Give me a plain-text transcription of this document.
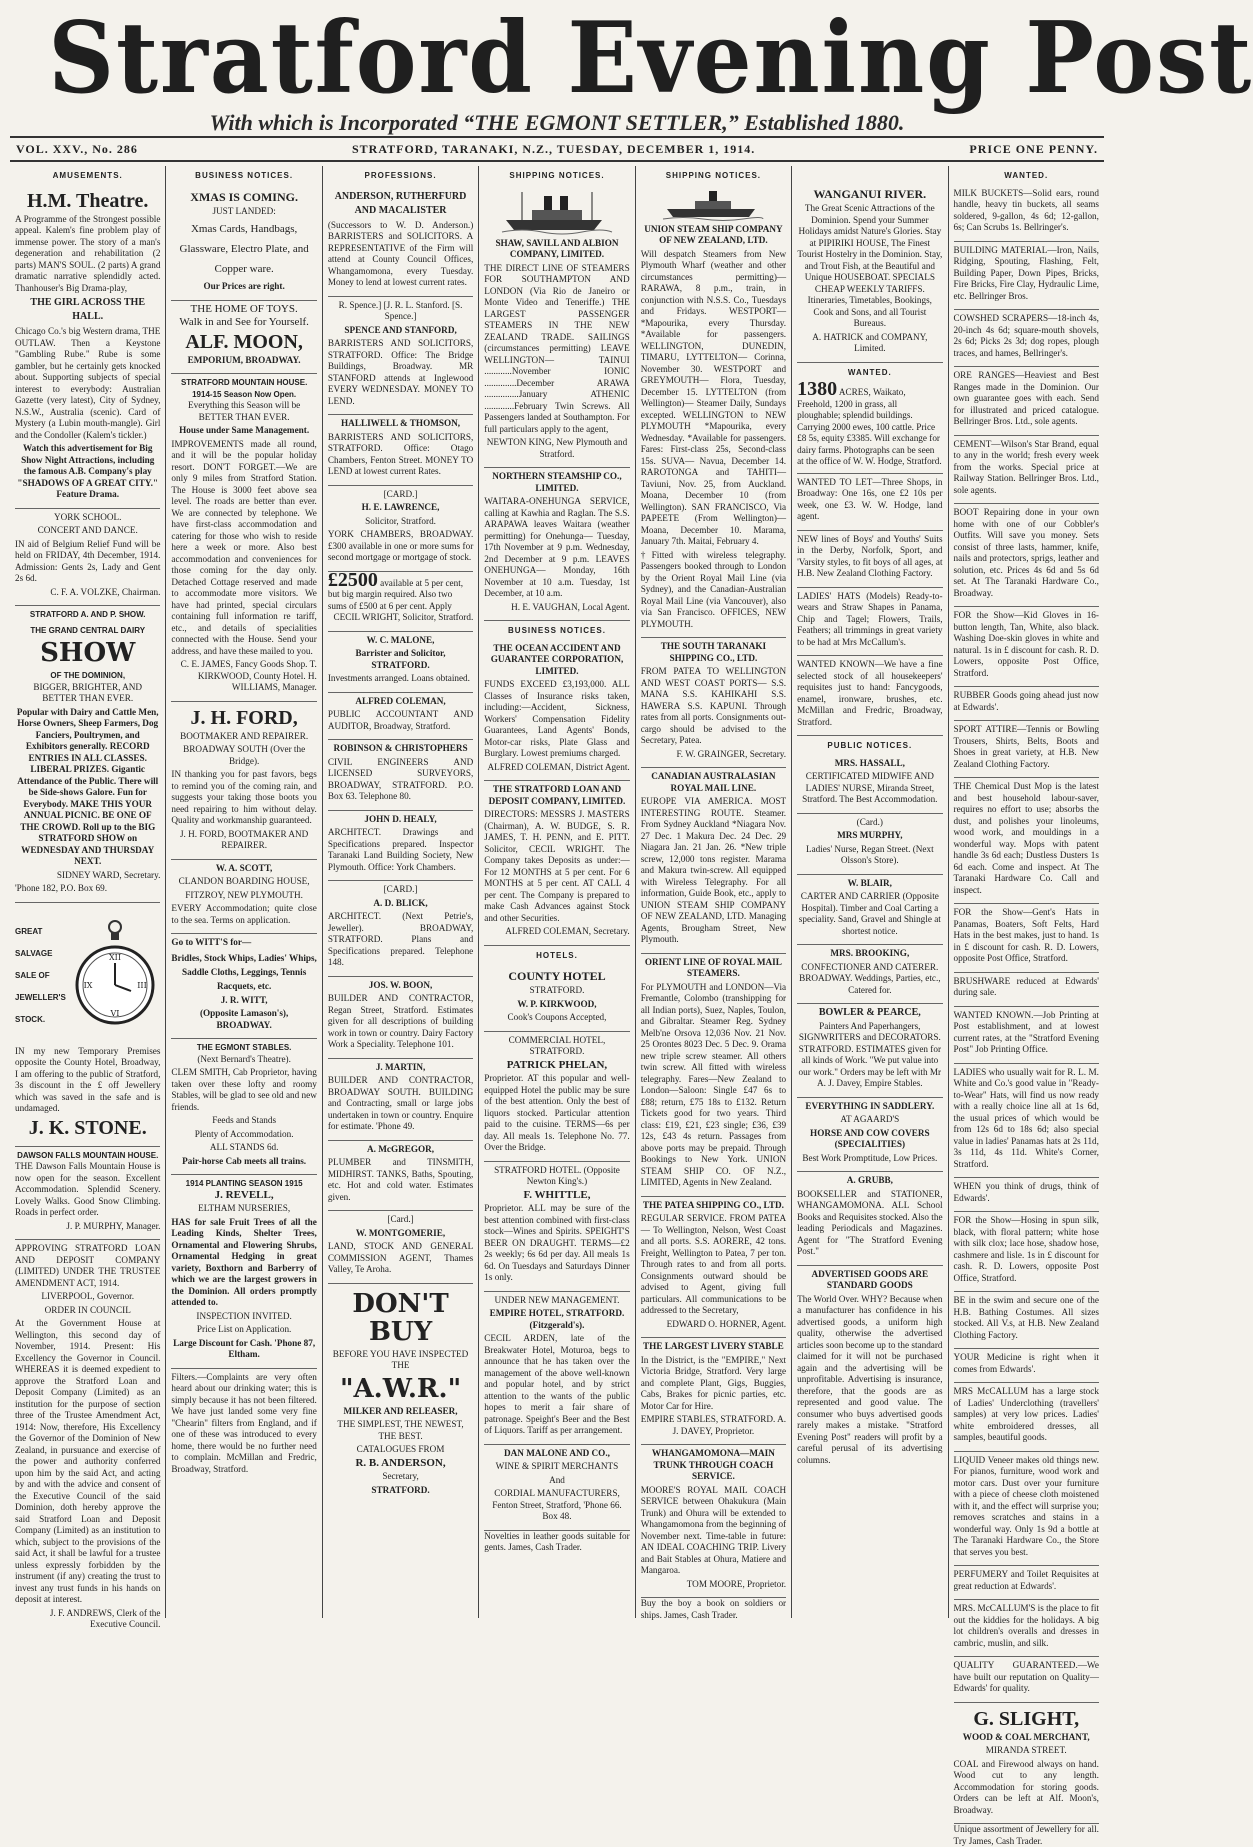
Stratford Evening Post
With which is Incorporated “THE EGMONT SETTLER,” Established 1880.
VOL. XXV., No. 286	STRATFORD, TARANAKI, N.Z., TUESDAY, DECEMBER 1, 1914.	PRICE ONE PENNY.
AMUSEMENTS.
H.M. Theatre.

A Programme of the Strongest possible appeal. Kalem's fine problem play of immense power. The story of a man's degeneration and rehabilitation (2 parts) MAN'S SOUL. (2 parts) A grand dramatic narrative splendidly acted. Thanhouser's Big Drama-play,

THE GIRL ACROSS THE HALL.

Chicago Co.'s big Western drama, THE OUTLAW. Then a Keystone "Gambling Rube." Rube is some gambler, but he certainly gets knocked about. Supporting subjects of special interest to everybody: Australian Gazette (very latest), City of Sydney, N.S.W., Australia (scenic). Card of Mystery (a Lubin mouth-mangle). Girl and the Condoller (Kalem's tickler.)

Watch this advertisement for Big Show Night Attractions, including the famous A.B. Company's play "SHADOWS OF A GREAT CITY." Feature Drama.

YORK SCHOOL.

CONCERT AND DANCE.

IN aid of Belgium Relief Fund will be held on FRIDAY, 4th December, 1914. Admission: Gents 2s, Lady and Gent 2s 6d.

C. F. A. VOLZKE, Chairman.

STRATFORD A. AND P. SHOW.
THE GRAND CENTRAL DAIRY
SHOW
OF THE DOMINION,

BIGGER, BRIGHTER, AND BETTER THAN EVER.

Popular with Dairy and Cattle Men, Horse Owners, Sheep Farmers, Dog Fanciers, Poultrymen, and Exhibitors generally. RECORD ENTRIES IN ALL CLASSES. LIBERAL PRIZES. Gigantic Attendance of the Public. There will be Side-shows Galore. Fun for Everybody. MAKE THIS YOUR ANNUAL PICNIC. BE ONE OF THE CROWD. Roll up to the BIG STRATFORD SHOW on WEDNESDAY AND THURSDAY NEXT.

SIDNEY WARD, Secretary.

'Phone 182, P.O. Box 69.

GREAT
SALVAGE
SALE OF
JEWELLER'S
STOCK.
XII
VI
III
IX

IN my new Temporary Premises opposite the County Hotel, Broadway, I am offering to the public of Stratford, 3s discount in the £ off Jewellery which was saved in the safe and is undamaged.

J. K. STONE.
DAWSON FALLS MOUNTAIN HOUSE.

THE Dawson Falls Mountain House is now open for the season. Excellent Accommodation. Splendid Scenery. Lovely Walks. Good Snow Climbing. Roads in perfect order.

J. P. MURPHY, Manager.

APPROVING STRATFORD LOAN AND DEPOSIT COMPANY (LIMITED) UNDER THE TRUSTEE AMENDMENT ACT, 1914.

LIVERPOOL, Governor.

ORDER IN COUNCIL

At the Government House at Wellington, this second day of November, 1914. Present: His Excellency the Governor in Council. WHEREAS it is deemed expedient to approve the Stratford Loan and Deposit Company (Limited) as an institution for the purpose of section three of the Trustee Amendment Act, 1914: Now, therefore, His Excellency the Governor of the Dominion of New Zealand, in pursuance and exercise of the power and authority conferred upon him by the said Act, and acting by and with the advice and consent of the Executive Council of the said Dominion, doth hereby approve the said Stratford Loan and Deposit Company (Limited) as an institution to which, subject to the provisions of the said Act, it shall be lawful for a trustee unless expressly forbidden by the instrument (if any) creating the trust to invest any trust funds in his hands on deposit at interest.

J. F. ANDREWS, Clerk of the Executive Council.

BUSINESS NOTICES.
XMAS IS COMING.

JUST LANDED:

Xmas Cards, Handbags, Glassware, Electro Plate, and Copper ware.

Our Prices are right.

THE HOME OF TOYS.

Walk in and See for Yourself.

ALF. MOON,

EMPORIUM, BROADWAY.

STRATFORD MOUNTAIN HOUSE.
1914-15 Season Now Open.

Everything this Season will be BETTER THAN EVER.

House under Same Management.

IMPROVEMENTS made all round, and it will be the popular holiday resort. DON'T FORGET.—We are only 9 miles from Stratford Station. The House is 3000 feet above sea level. The roads are better than ever. We are connected by telephone. We have first-class accommodation and catering for those who wish to reside here a week or more. Also best accommodation and conveniences for those coming for the day only. Detached Cottage reserved and made to accommodate more visitors. We have had printed, special circulars containing full information re tariff, etc., and details of specialities connected with the House. Send your address, and have these mailed to you.

C. E. JAMES, Fancy Goods Shop. T. KIRKWOOD, County Hotel. H. WILLIAMS, Manager.

J. H. FORD,

BOOTMAKER AND REPAIRER.

BROADWAY SOUTH (Over the Bridge).

IN thanking you for past favors, begs to remind you of the coming rain, and suggests your taking those boots you need repairing to him without delay. Quality and workmanship guaranteed.

J. H. FORD, BOOTMAKER AND REPAIRER.

W. A. SCOTT,

CLANDON BOARDING HOUSE,

FITZROY, NEW PLYMOUTH.

EVERY Accommodation; quite close to the sea. Terms on application.

Go to WITT'S for—

Bridles, Stock Whips, Ladies' Whips, Saddle Cloths, Leggings, Tennis Racquets, etc.

J. R. WITT,

(Opposite Lamason's), BROADWAY.

THE EGMONT STABLES.

(Next Bernard's Theatre).

CLEM SMITH, Cab Proprietor, having taken over these lofty and roomy Stables, will be glad to see old and new friends.

Feeds and Stands

Plenty of Accommodation.

ALL STANDS 6d.

Pair-horse Cab meets all trains.

1914 PLANTING SEASON 1915

J. REVELL,

ELTHAM NURSERIES,

HAS for sale Fruit Trees of all the Leading Kinds, Shelter Trees, Ornamental and Flowering Shrubs, Ornamental Hedging in great variety, Boxthorn and Barberry of which we are the largest growers in the Dominion. All orders promptly attended to.

INSPECTION INVITED.

Price List on Application.

Large Discount for Cash. 'Phone 87, Eltham.

Filters.—Complaints are very often heard about our drinking water; this is simply because it has not been filtered. We have just landed some very fine "Chearin" filters from England, and if one of these was introduced to every home, there would be no further need to complain. McMillan and Fredric, Broadway, Stratford.

PROFESSIONS.
ANDERSON, RUTHERFURD AND MACALISTER

(Successors to W. D. Anderson.) BARRISTERS and SOLICITORS. A REPRESENTATIVE of the Firm will attend at County Council Offices, Whangamomona, every Tuesday. Money to lend at lowest current rates.

R. Spence.] [J. R. L. Stanford. [S. Spence.]

SPENCE AND STANFORD,

BARRISTERS AND SOLICITORS, STRATFORD. Office: The Bridge Buildings, Broadway. MR STANFORD attends at Inglewood EVERY WEDNESDAY. MONEY TO LEND.

HALLIWELL & THOMSON,

BARRISTERS AND SOLICITORS, STRATFORD. Office: Otago Chambers, Fenton Street. MONEY TO LEND at lowest current Rates.

[CARD.]

H. E. LAWRENCE,

Solicitor, Stratford.

YORK CHAMBERS, BROADWAY. £300 available in one or more sums for second mortgage or mortgage of stock.

£2500 available at 5 per cent, but big margin required. Also two sums of £500 at 6 per cent. Apply

CECIL WRIGHT, Solicitor, Stratford.

W. C. MALONE,

Barrister and Solicitor, STRATFORD.

Investments arranged. Loans obtained.

ALFRED COLEMAN,

PUBLIC ACCOUNTANT AND AUDITOR, Broadway, Stratford.

ROBINSON & CHRISTOPHERS

CIVIL ENGINEERS AND LICENSED SURVEYORS, BROADWAY, STRATFORD. P.O. Box 63. Telephone 80.

JOHN D. HEALY,

ARCHITECT. Drawings and Specifications prepared. Inspector Taranaki Land Building Society, New Plymouth. Office: York Chambers.

[CARD.]

A. D. BLICK,

ARCHITECT. (Next Petrie's, Jeweller). BROADWAY, STRATFORD. Plans and Specifications prepared. Telephone 148.

JOS. W. BOON,

BUILDER AND CONTRACTOR, Regan Street, Stratford. Estimates given for all descriptions of building work in town or country. Dairy Factory Work a Speciality. Telephone 101.

J. MARTIN,

BUILDER AND CONTRACTOR, BROADWAY SOUTH. BUILDING and Contracting, small or large jobs undertaken in town or country. Enquire for estimate. 'Phone 49.

A. McGREGOR,

PLUMBER and TINSMITH, MIDHIRST. TANKS, Baths, Spouting, etc. Hot and cold water. Estimates given.

[Card.]

W. MONTGOMERIE,

LAND, STOCK AND GENERAL COMMISSION AGENT, Thames Valley, Te Aroha.

DON'T BUY

BEFORE YOU HAVE INSPECTED THE

"A.W.R."

MILKER AND RELEASER,

THE SIMPLEST, THE NEWEST, THE BEST.

CATALOGUES FROM

R. B. ANDERSON,

Secretary,

STRATFORD.

SHIPPING NOTICES.

SHAW, SAVILL AND ALBION COMPANY, LIMITED.

THE DIRECT LINE OF STEAMERS FOR SOUTHAMPTON AND LONDON (Via Rio de Janeiro or Monte Video and Teneriffe.) THE LARGEST PASSENGER STEAMERS IN THE NEW ZEALAND TRADE. SAILINGS (circumstances permitting) LEAVE WELLINGTON— TAINUI ............November IONIC ..............December ARAWA ...............January ATHENIC .............February Twin Screws. All Passengers landed at Southampton. For full particulars apply to the agent,

NEWTON KING, New Plymouth and Stratford.

NORTHERN STEAMSHIP CO., LIMITED.

WAITARA-ONEHUNGA SERVICE, calling at Kawhia and Raglan. The S.S. ARAPAWA leaves Waitara (weather permitting) for Onehunga— Tuesday, 17th November at 9 p.m. Wednesday, 2nd December at 9 p.m. LEAVES ONEHUNGA— Monday, 16th November at 10 a.m. Tuesday, 1st December, at 10 a.m.

H. E. VAUGHAN, Local Agent.

BUSINESS NOTICES.

THE OCEAN ACCIDENT AND GUARANTEE CORPORATION, LIMITED.

FUNDS EXCEED £3,193,000. ALL Classes of Insurance risks taken, including:—Accident, Sickness, Workers' Compensation Fidelity Guarantees, Land Agents' Bonds, Motor-car risks, Plate Glass and Burglary. Lowest premiums charged.

ALFRED COLEMAN, District Agent.

THE STRATFORD LOAN AND DEPOSIT COMPANY, LIMITED.

DIRECTORS: MESSRS J. MASTERS (Chairman), A. W. BUDGE, S. R. JAMES, T. H. PENN, and E. PITT. Solicitor, CECIL WRIGHT. The Company takes Deposits as under:— For 12 MONTHS at 5 per cent. For 6 MONTHS at 5 per cent. AT CALL 4 per cent. The Company is prepared to make Cash Advances against Stock and other Securities.

ALFRED COLEMAN, Secretary.

HOTELS.
COUNTY HOTEL

STRATFORD.

W. P. KIRKWOOD,

Cook's Coupons Accepted,

COMMERCIAL HOTEL, STRATFORD.

PATRICK PHELAN,

Proprietor. AT this popular and well-equipped Hotel the public may be sure of the best attention. Only the best of liquors stocked. Particular attention paid to the cuisine. TERMS—6s per day. All meals 1s. Telephone No. 77. Over the Bridge.

STRATFORD HOTEL. (Opposite Newton King's.)

F. WHITTLE,

Proprietor. ALL may be sure of the best attention combined with first-class stock—Wines and Spirits. SPEIGHT'S BEER ON DRAUGHT. TERMS—£2 2s weekly; 6s 6d per day. All meals 1s 6d. On Tuesdays and Saturdays Dinner 1s only.

UNDER NEW MANAGEMENT.

EMPIRE HOTEL, STRATFORD. (Fitzgerald's).

CECIL ARDEN, late of the Breakwater Hotel, Moturoa, begs to announce that he has taken over the management of the above well-known and popular hotel, and by strict attention to the wants of the public hopes to merit a fair share of patronage. Speight's Beer and the Best of Liquors. Tariff as per arrangement.

DAN MALONE AND CO.,

WINE & SPIRIT MERCHANTS

And

CORDIAL MANUFACTURERS, Fenton Street, Stratford, 'Phone 66. Box 48.

Novelties in leather goods suitable for gents. James, Cash Trader.

SHIPPING NOTICES.

UNION STEAM SHIP COMPANY OF NEW ZEALAND, LTD.

Will despatch Steamers from New Plymouth Wharf (weather and other circumstances permitting)— RARAWA, 8 p.m., train, in conjunction with N.S.S. Co., Tuesdays and Fridays. WESTPORT— *Mapourika, every Thursday. *Available for passengers. WELLINGTON, DUNEDIN, TIMARU, LYTTELTON— Corinna, November 30. WESTPORT and GREYMOUTH— Flora, Tuesday, December 15. LYTTELTON (from Wellington)— Steamer Daily, Sundays excepted. WELLINGTON to NEW PLYMOUTH *Mapourika, every Wednesday. *Available for passengers. Fares: First-class 25s, Second-class 15s. SUVA— Navua, December 14. RAROTONGA and TAHITI— Taviuni, Nov. 25, from Auckland. Moana, December 10 (from Wellington). SAN FRANCISCO, Via PAPEETE (From Wellington)— Moana, December 10. Marama, January 7th. Maitai, February 4.

†Fitted with wireless telegraphy. Passengers booked through to London by the Orient Royal Mail Line (via Sydney), and the Canadian-Australian Royal Mail Line (via Vancouver), also via San Francisco. OFFICES, NEW PLYMOUTH.

THE SOUTH TARANAKI SHIPPING CO., LTD.

FROM PATEA TO WELLINGTON AND WEST COAST PORTS— S.S. MANA S.S. KAHIKAHI S.S. HAWERA S.S. KAPUNI. Through rates from all ports. Consignments out-cargo should be advised to the Secretary, Patea.

F. W. GRAINGER, Secretary.

CANADIAN AUSTRALASIAN ROYAL MAIL LINE.

EUROPE VIA AMERICA. MOST INTERESTING ROUTE. Steamer. From Sydney Auckland *Niagara Nov. 27 Dec. 1 Makura Dec. 24 Dec. 29 Niagara Jan. 21 Jan. 26. *New triple screw, 12,000 tons register. Marama and Makura twin-screw. All equipped with Wireless Telegraphy. For all information, Guide Book, etc., apply to UNION STEAM SHIP COMPANY OF NEW ZEALAND, LTD. Managing Agents, Brougham Street, New Plymouth.

ORIENT LINE OF ROYAL MAIL STEAMERS.

For PLYMOUTH and LONDON—Via Fremantle, Colombo (transhipping for all Indian ports), Suez, Naples, Toulon, and Gibraltar. Steamer Reg. Sydney Melb'ne Orsova 12,036 Nov. 21 Nov. 25 Orontes 8023 Dec. 5 Dec. 9. Orama new triple screw steamer. All others twin screw. All fitted with wireless telegraphy. Fares—New Zealand to London—Saloon: Single £47 6s to £88; return, £75 18s to £132. Return Tickets good for two years. Third class: £19, £21, £23 single; £36, £39 12s, £43 4s return. Passages from above ports may be prepaid. Through Bookings to New York. UNION STEAM SHIP CO. OF N.Z., LIMITED, Agents in New Zealand.

THE PATEA SHIPPING CO., LTD.

REGULAR SERVICE. FROM PATEA— To Wellington, Nelson, West Coast and all ports. S.S. AORERE, 42 tons. Freight, Wellington to Patea, 7 per ton. Through rates to and from all ports. Consignments outward should be advised to Agent, giving full particulars. All communications to be addressed to the Secretary,

EDWARD O. HORNER, Agent.

THE LARGEST LIVERY STABLE

In the District, is the "EMPIRE," Next Victoria Bridge, Stratford. Very large and complete Plant, Gigs, Buggies, Cabs, Brakes for picnic parties, etc. Motor Car for Hire.

EMPIRE STABLES, STRATFORD. A. J. DAVEY, Proprietor.

WHANGAMOMONA—MAIN TRUNK THROUGH COACH SERVICE.

MOORE'S ROYAL MAIL COACH SERVICE between Ohakukura (Main Trunk) and Ohura will be extended to Whangamomona from the beginning of November next. Time-table in future: AN IDEAL COACHING TRIP. Livery and Bait Stables at Ohura, Matiere and Mangaroa.

TOM MOORE, Proprietor.

Buy the boy a book on soldiers or ships. James, Cash Trader.

WANGANUI RIVER.

The Great Scenic Attractions of the Dominion. Spend your Summer Holidays amidst Nature's Glories. Stay at PIPIRIKI HOUSE, The Finest Tourist Hostelry in the Dominion. Stay, and Trout Fish, at the Beautiful and Unique HOUSEBOAT. SPECIALS CHEAP WEEKLY TARIFFS. Itineraries, Timetables, Bookings, Cook and Sons, and all Tourist Bureaus.

A. HATRICK and COMPANY, Limited.

WANTED.
1380 ACRES, Waikato, Freehold, 1200 in grass, all ploughable; splendid buildings. Carrying 2000 ewes, 100 cattle. Price £8 5s, equity £3385. Will exchange for dairy farms. Photographs can be seen at the office of W. W. Hodge, Stratford.

WANTED TO LET—Three Shops, in Broadway: One 16s, one £2 10s per week, one £3. W. W. Hodge, land agent.

NEW lines of Boys' and Youths' Suits in the Derby, Norfolk, Sport, and 'Varsity styles, to fit boys of all ages, at H.B. New Zealand Clothing Factory.

LADIES' HATS (Models) Ready-to-wears and Straw Shapes in Panama, Chip and Tagel; Flowers, Trails, Feathers; all trimmings in great variety to be had at Mrs McCallum's.

WANTED KNOWN—We have a fine selected stock of all housekeepers' requisites just to hand: Fancygoods, enamel, ironware, brushes, etc. McMillan and Fredric, Broadway, Stratford.

PUBLIC NOTICES.

MRS. HASSALL,

CERTIFICATED MIDWIFE AND LADIES' NURSE, Miranda Street, Stratford. The Best Accommodation.

(Card.)

MRS MURPHY,

Ladies' Nurse, Regan Street. (Next Olsson's Store).

W. BLAIR,

CARTER AND CARRIER (Opposite Hospital). Timber and Coal Carting a speciality. Sand, Gravel and Shingle at shortest notice.

MRS. BROOKING,

CONFECTIONER AND CATERER. BROADWAY. Weddings, Parties, etc., Catered for.

BOWLER & PEARCE,

Painters And Paperhangers, SIGNWRITERS and DECORATORS. STRATFORD. ESTIMATES given for all kinds of Work. "We put value into our work." Orders may be left with Mr A. J. Davey, Empire Stables.

EVERYTHING IN SADDLERY.

AT AGAARD'S

HORSE AND COW COVERS (SPECIALITIES)

Best Work Promptitude, Low Prices.

A. GRUBB,

BOOKSELLER and STATIONER, WHANGAMOMONA. ALL School Books and Requisites stocked. Also the leading Periodicals and Magazines. Agent for "The Stratford Evening Post."

ADVERTISED GOODS ARE STANDARD GOODS

The World Over. WHY? Because when a manufacturer has confidence in his advertised goods, a uniform high quality, otherwise the advertised articles soon become up to the standard claimed for it will not be purchased again and the advertising will be unprofitable. Advertising is insurance, therefore, that the goods are as represented and good value. The consumer who buys advertised goods rarely makes a mistake. "Stratford Evening Post" readers will profit by a careful perusal of its advertising columns.

WANTED.

MILK BUCKETS—Solid ears, round handle, heavy tin buckets, all seams soldered, 9-gallon, 4s 6d; 12-gallon, 6s; Can Scrubs 1s. Bellringer's.

BUILDING MATERIAL—Iron, Nails, Ridging, Spouting, Flashing, Felt, Building Paper, Down Pipes, Bricks, Fire Bricks, Fire Clay, Hydraulic Lime, etc. Bellringer Bros.

COWSHED SCRAPERS—18-inch 4s, 20-inch 4s 6d; square-mouth shovels, 2s 6d; Picks 2s 3d; dog ropes, plough traces, and hames, Bellringer's.

ORE RANGES—Heaviest and Best Ranges made in the Dominion. Our own guarantee goes with each. Send for illustrated and priced catalogue. Bellringer Bros. Ltd., sole agents.

CEMENT—Wilson's Star Brand, equal to any in the world; fresh every week from the works. Special price at Railway Station. Bellringer Bros. Ltd., sole agents.

BOOT Repairing done in your own home with one of our Cobbler's Outfits. Will save you money. Sets consist of three lasts, hammer, knife, nails and protectors, sprigs, leather and solution, etc. Prices 4s 6d and 5s 6d set. At The Taranaki Hardware Co., Broadway.

FOR the Show—Kid Gloves in 16-button length, Tan, White, also black. Washing Doe-skin gloves in white and natural. 1s in £ discount for cash. R. D. Lowers, opposite Post Office, Stratford.

RUBBER Goods going ahead just now at Edwards'.

SPORT ATTIRE—Tennis or Bowling Trousers, Shirts, Belts, Boots and Shoes in great variety, at H.B. New Zealand Clothing Factory.

THE Chemical Dust Mop is the latest and best household labour-saver, requires no effort to use; absorbs the dust, and polishes your linoleums, wood work, and mouldings in a wonderful way. Mops with patent handle 3s 6d each; Dustless Dusters 1s 6d each. Come and inspect. At The Taranaki Hardware Co. Call and inspect.

FOR the Show—Gent's Hats in Panamas, Boaters, Soft Felts, Hard Hats in the best makes, just to hand. 1s in £ discount for cash. R. D. Lowers, opposite Post Office, Stratford.

BRUSHWARE reduced at Edwards' during sale.

WANTED KNOWN.—Job Printing at Post establishment, and at lowest current rates, at the "Stratford Evening Post" Job Printing Office.

LADIES who usually wait for R. L. M. White and Co.'s good value in "Ready-to-Wear" Hats, will find us now ready with a really choice line all at 1s 6d, the usual prices of which would be from 12s 6d to 18s 6d; also special value in ladies' Panamas hats at 2s 11d, 3s 11d, 4s 11d. White's Corner, Stratford.

WHEN you think of drugs, think of Edwards'.

FOR the Show—Hosing in spun silk, black, with floral pattern; white hose with silk clox; lace hose, shadow hose, cashmere and lisle. 1s in £ discount for cash. R. D. Lowers, opposite Post Office, Stratford.

BE in the swim and secure one of the H.B. Bathing Costumes. All sizes stocked. All V.s, at H.B. New Zealand Clothing Factory.

YOUR Medicine is right when it comes from Edwards'.

MRS McCALLUM has a large stock of Ladies' Underclothing (travellers' samples) at very low prices. Ladies' white embroidered dresses, all samples, beautiful goods.

LIQUID Veneer makes old things new. For pianos, furniture, wood work and motor cars. Dust over your furniture with a piece of cheese cloth moistened with it, and the effect will surprise you; removes scratches and stains in a wonderful way. Only 1s 9d a bottle at The Taranaki Hardware Co., the Store that serves you best.

PERFUMERY and Toilet Requisites at great reduction at Edwards'.

MRS. McCALLUM'S is the place to fit out the kiddies for the holidays. A big lot children's overalls and dresses in cambric, muslin, and silk.

QUALITY GUARANTEED.—We have built our reputation on Quality—Edwards' for quality.

G. SLIGHT,

WOOD & COAL MERCHANT,

MIRANDA STREET.

COAL and Firewood always on hand. Wood cut to any length. Accommodation for storing goods. Orders can be left at Alf. Moon's, Broadway.

Unique assortment of Jewellery for all. Try James, Cash Trader.
